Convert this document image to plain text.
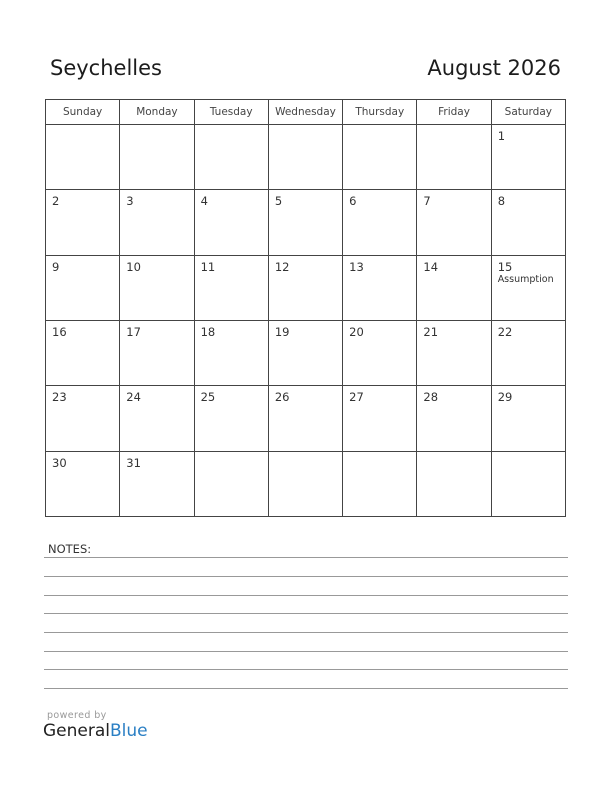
Seychelles	August 2026
Sunday	Monday	Tuesday	Wednesday	Thursday	Friday	Saturday

						1

2	3	4	5	6	7	8

9	10	11	12	13	14	15
Assumption

16	17	18	19	20	21	22

23	24	25	26	27	28	29

30	31					

NOTES:
powered by
GeneralBlue
